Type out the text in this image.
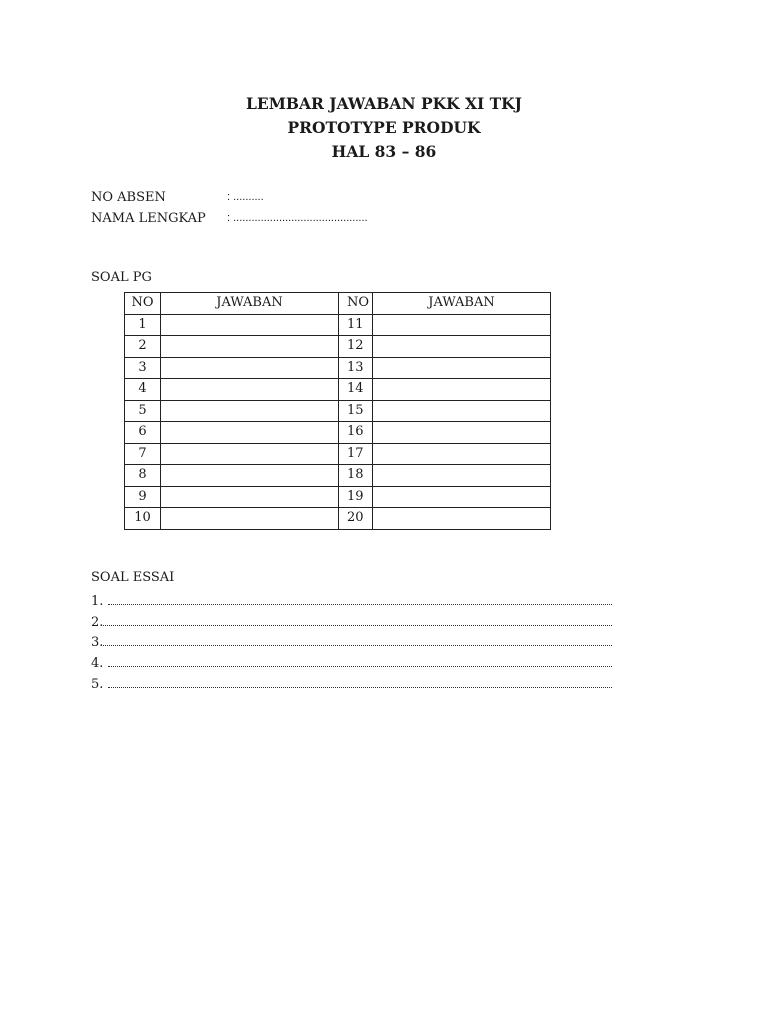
LEMBAR JAWABAN PKK XI TKJ
PROTOTYPE PRODUK
HAL 83 – 86
NO ABSEN	: ..........
NAMA LENGKAP	: ............................................
SOAL PG
NO	JAWABAN	NO	JAWABAN
1		11	
2		12	
3		13	
4		14	
5		15	
6		16	
7		17	
8		18	
9		19	
10		20	
SOAL ESSAI
1.
2.
3.
4.
5.
